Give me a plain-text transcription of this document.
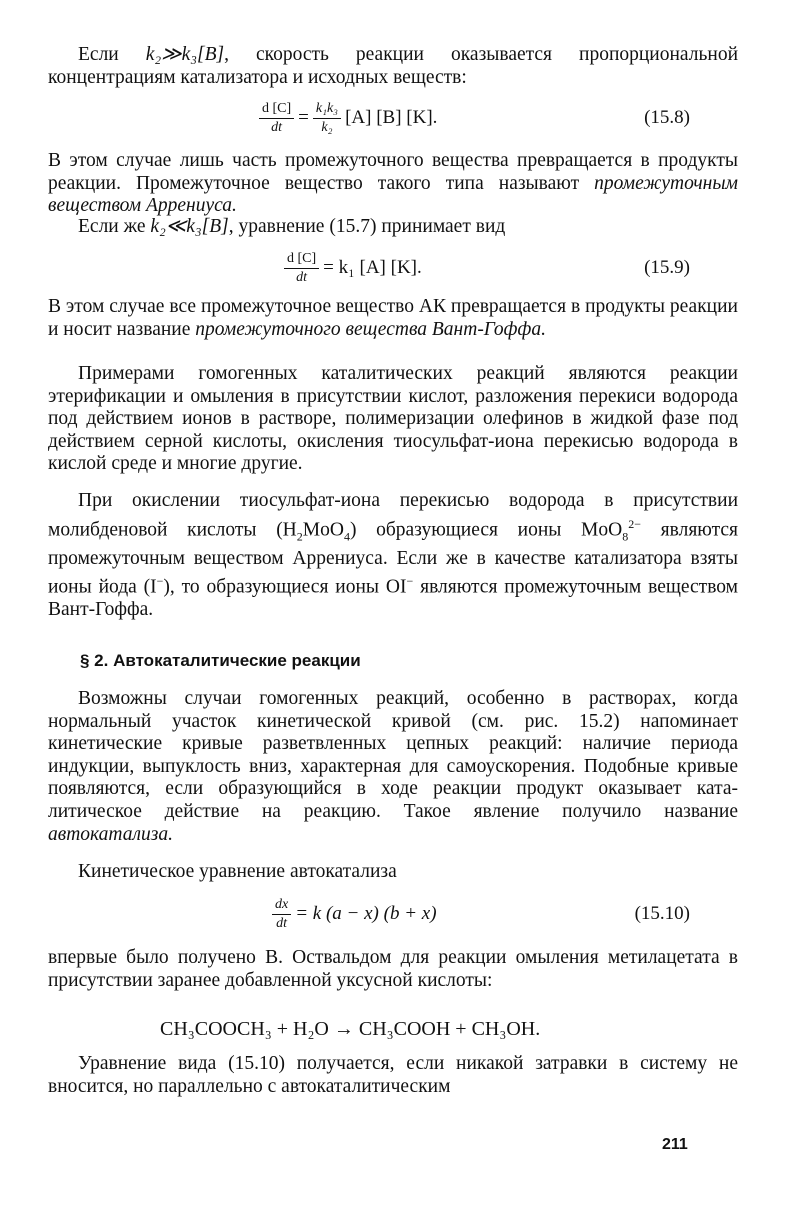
Если k₂≫k₃[B], скорость реакции оказывается пропорциональной концентрациям катализатора и исходных веществ:

$\frac{d [C]}{dt} = \frac{\text{k₁k₃}}{\text{k₂}} [A]$ [B] [K].	(15.8)

В этом случае лишь часть промежуточного вещества превращается в продукты реакции. Промежуточное вещество такого типа называют промежуточным веществом Аррениуса.

Если же k₂≪k₃[B], уравнение (15.7) принимает вид

$\frac{d [C]}{dt} = k_1$ [A] [K].	(15.9)

В этом случае все промежуточное вещество АК превращается в продукты реакции и носит название промежуточного вещества Вант-Гоффа.

Примерами гомогенных каталитических реакций являются реакции этерификации и омыления в присутствии кислот, разложения перекиси водорода под действием ионов в растворе, полимеризации олефинов в жидкой фазе под действием серной кислоты, окисления тиосульфат-иона перекисью водорода в кислой среде и многие другие.

При окислении тиосульфат-иона перекисью водорода в присутствии молибденовой кислоты $(H_2MoO_4)$ образующиеся ионы MoO$_8^{2-}$ являются промежуточным веществом Аррениуса. Если же в качестве катализатора взяты ионы йода (I−), то образующиеся ионы OI− являются промежуточным веществом Вант-Гоффа.

§ 2. Автокаталитические реакции

Возможны случаи гомогенных реакций, особенно в растворах, когда нормальный участок кинетической кривой (см. рис. 15.2) напоминает кинетические кривые разветвленных цепных реакций: наличие периода индукции, выпуклость вниз, характерная для самоускорения. Подобные кривые появляются, если образующийся в ходе реакции продукт оказывает каталитическое действие на реакцию. Такое явление получило название автокатализа.

Кинетическое уравнение автокатализа

$\frac{dx}{dt} = k$ (a − x) (b + x)	(15.10)

впервые было получено В. Оствальдом для реакции омыления метилацетата в присутствии заранее добавленной уксусной кислоты:

CH₃COOCH₃ + H₂O → CH₃COOH + CH₃OH.

Уравнение вида (15.10) получается, если никакой затравки в систему не вносится, но параллельно с автокаталитическим

211
